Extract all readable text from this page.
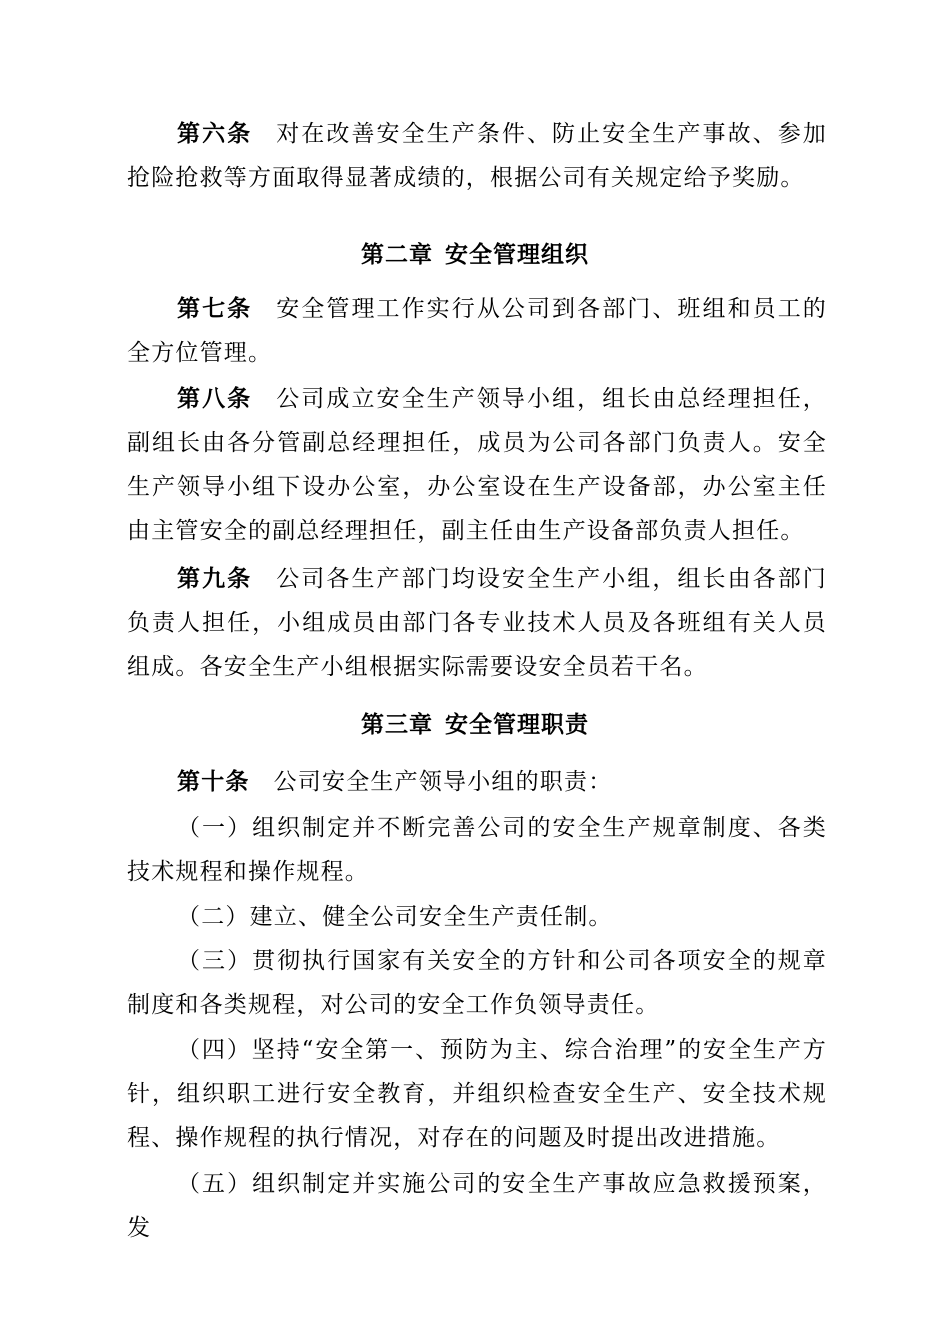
第六条 对在改善安全生产条件、防止安全生产事故、参加抢险抢救等方面取得显著成绩的，根据公司有关规定给予奖励。

第二章 安全管理组织

第七条 安全管理工作实行从公司到各部门、班组和员工的全方位管理。

第八条 公司成立安全生产领导小组，组长由总经理担任，副组长由各分管副总经理担任，成员为公司各部门负责人。安全生产领导小组下设办公室，办公室设在生产设备部，办公室主任由主管安全的副总经理担任，副主任由生产设备部负责人担任。

第九条 公司各生产部门均设安全生产小组，组长由各部门负责人担任，小组成员由部门各专业技术人员及各班组有关人员组成。各安全生产小组根据实际需要设安全员若干名。

第三章 安全管理职责

第十条 公司安全生产领导小组的职责：

（一）组织制定并不断完善公司的安全生产规章制度、各类技术规程和操作规程。

（二）建立、健全公司安全生产责任制。

（三）贯彻执行国家有关安全的方针和公司各项安全的规章制度和各类规程，对公司的安全工作负领导责任。

（四）坚持“安全第一、预防为主、综合治理”的安全生产方针，组织职工进行安全教育，并组织检查安全生产、安全技术规程、操作规程的执行情况，对存在的问题及时提出改进措施。

（五）组织制定并实施公司的安全生产事故应急救援预案，发
